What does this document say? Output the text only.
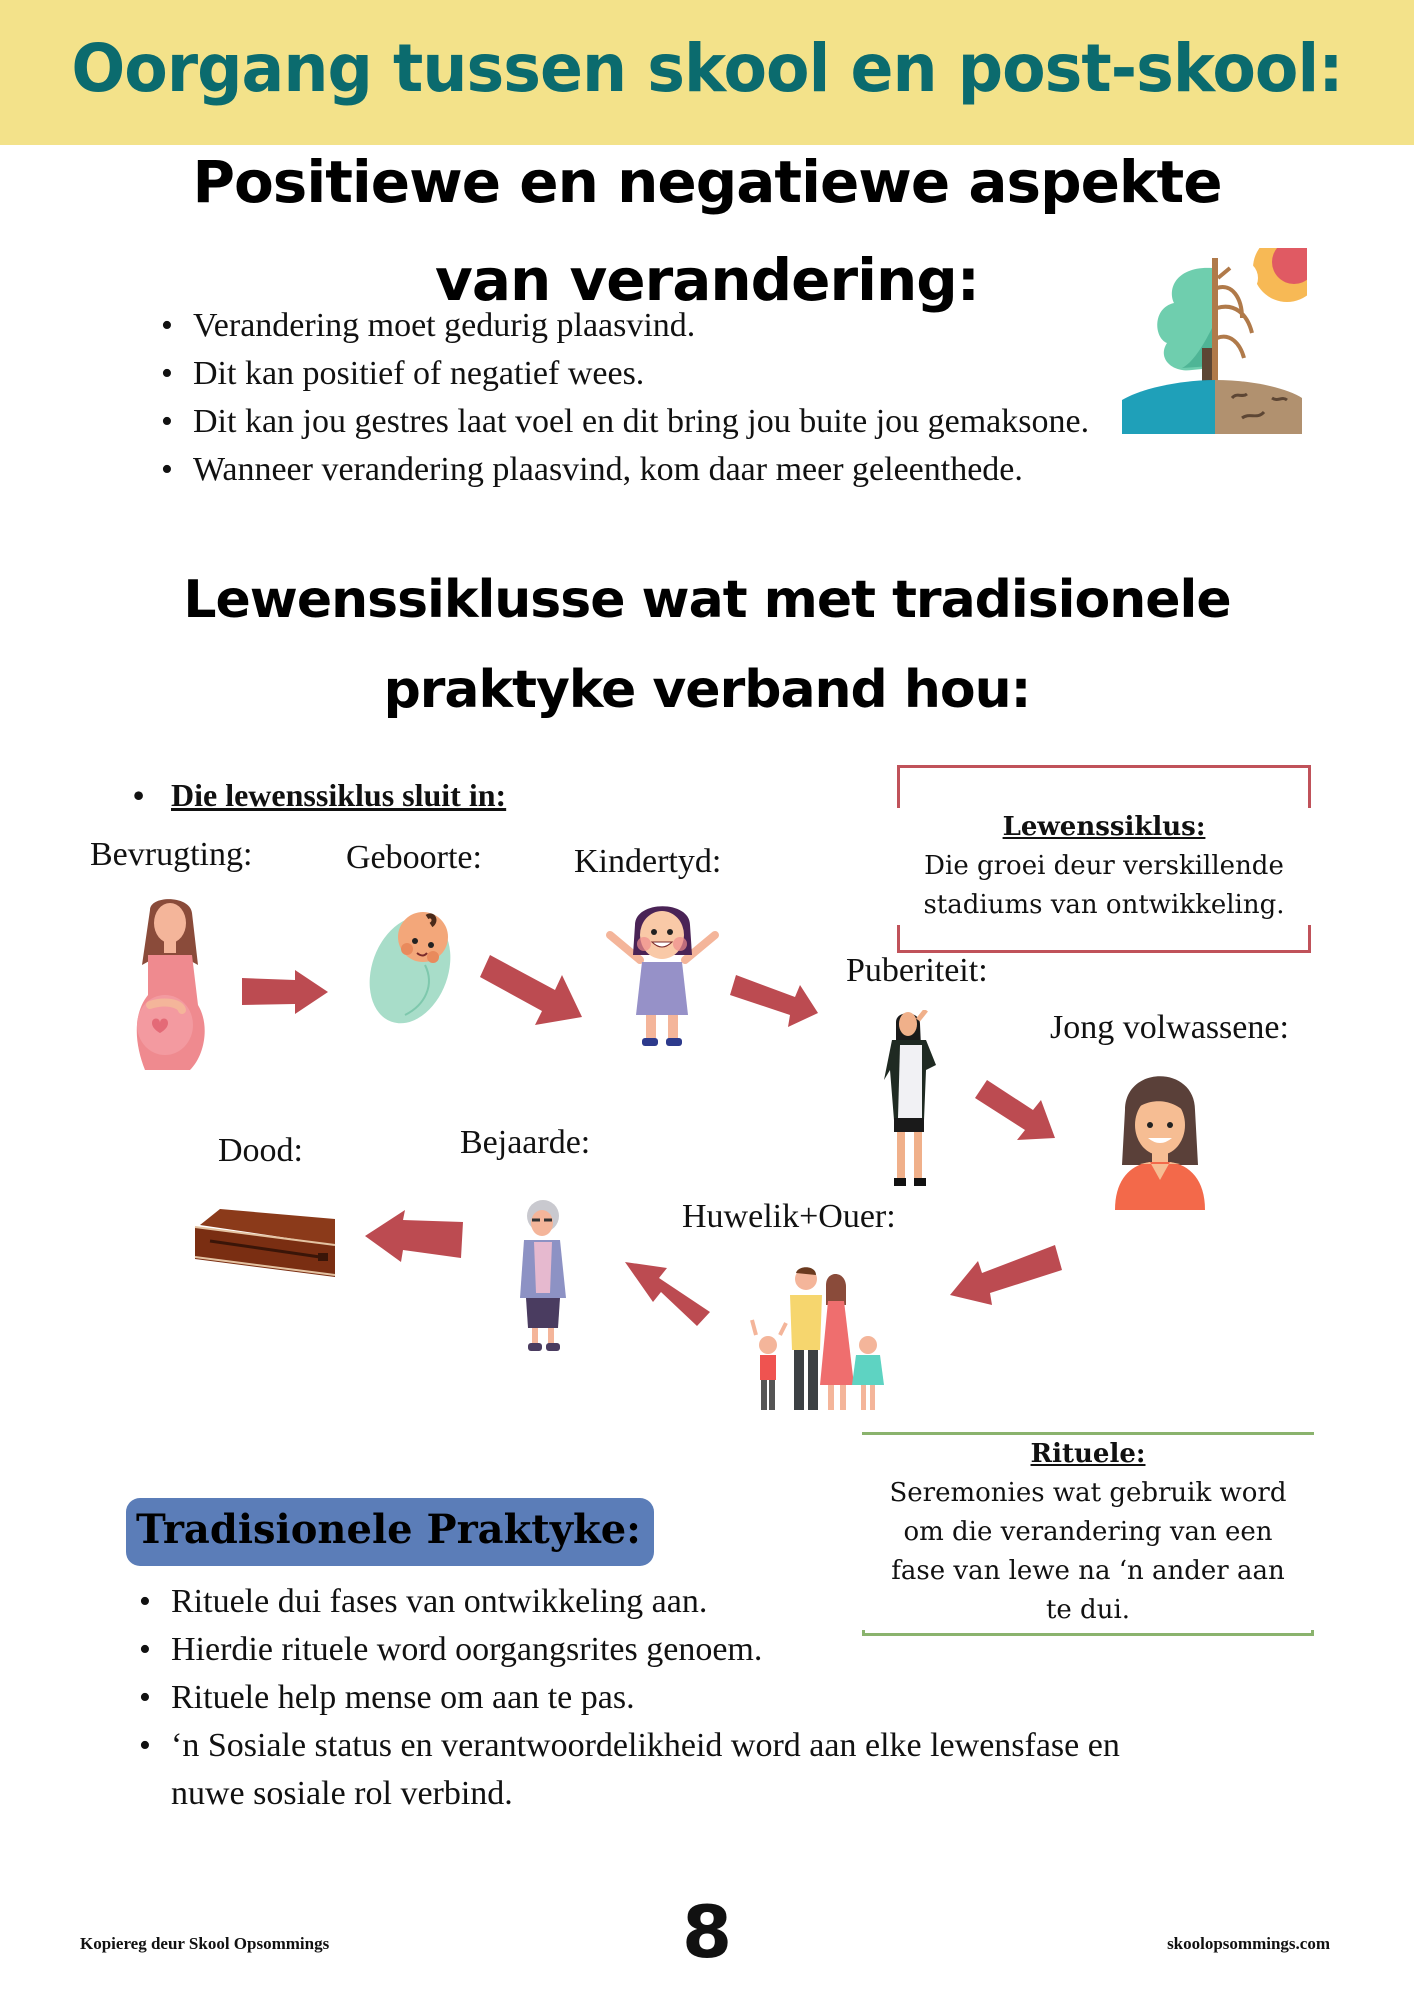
Oorgang tussen skool en post-skool:
Positiewe en negatiewe aspekte
van verandering:
• Verandering moet gedurig plaasvind.
• Dit kan positief of negatief wees.
• Dit kan jou gestres laat voel en dit bring jou buite jou gemaksone.
• Wanneer verandering plaasvind, kom daar meer geleenthede.
Lewenssiklusse wat met tradisionele
praktyke verband hou:
• Die lewenssiklus sluit in:
Lewenssiklus:
Die groei deur verskillende
stadiums van ontwikkeling.
Bevrugting:	Geboorte:	Kindertyd:
Puberiteit:
Jong volwassene:
Huwelik+Ouer:
Bejaarde:
Dood:
Tradisionele Praktyke:
Rituele:
Seremonies wat gebruik word
om die verandering van een
fase van lewe na ‘n ander aan
te dui.
• Rituele dui fases van ontwikkeling aan.
• Hierdie rituele word oorgangsrites genoem.
• Rituele help mense om aan te pas.
• ‘n Sosiale status en verantwoordelikheid word aan elke lewensfase en nuwe sosiale rol verbind.
Kopiereg deur Skool Opsommings	8	skoolopsommings.com
